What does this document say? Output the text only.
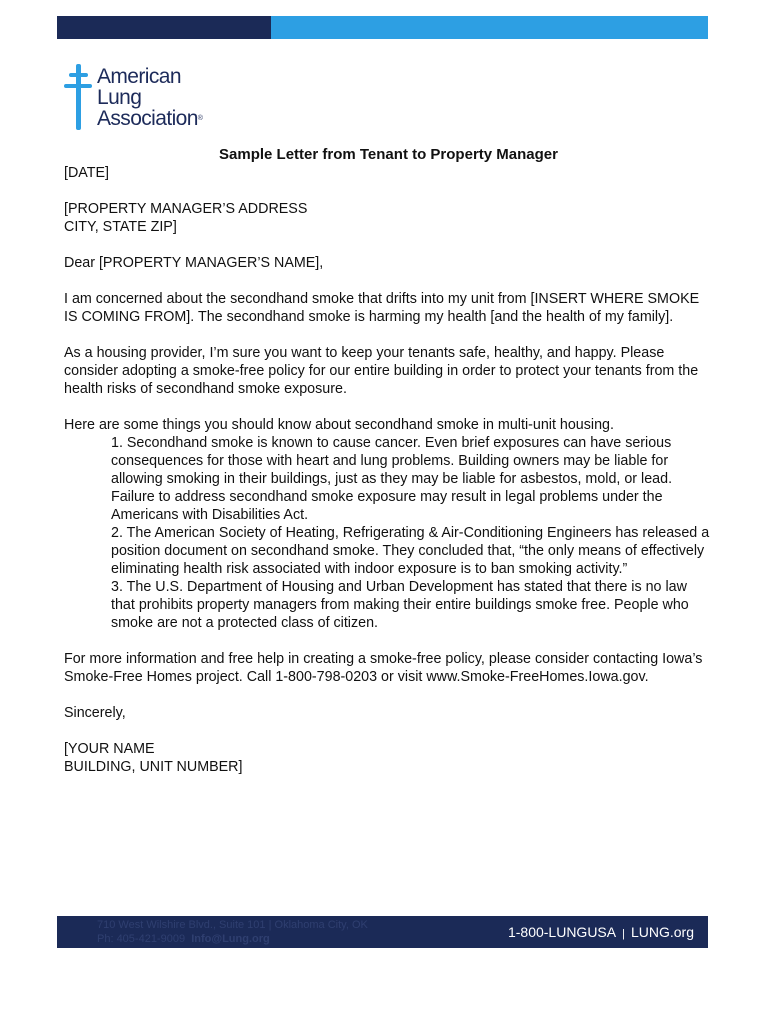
American
Lung
Association®
Sample Letter from Tenant to Property Manager

[DATE]

[PROPERTY MANAGER’S ADDRESS

CITY, STATE ZIP]

Dear [PROPERTY MANAGER’S NAME],

I am concerned about the secondhand smoke that drifts into my unit from [INSERT WHERE SMOKE IS COMING FROM]. The secondhand smoke is harming my health [and the health of my family].

As a housing provider, I’m sure you want to keep your tenants safe, healthy, and happy. Please consider adopting a smoke-free policy for our entire building in order to protect your tenants from the health risks of secondhand smoke exposure.

Here are some things you should know about secondhand smoke in multi-unit housing.

1. Secondhand smoke is known to cause cancer. Even brief exposures can have serious consequences for those with heart and lung problems. Building owners may be liable for allowing smoking in their buildings, just as they may be liable for asbestos, mold, or lead. Failure to address secondhand smoke exposure may result in legal problems under the Americans with Disabilities Act.

2. The American Society of Heating, Refrigerating & Air-Conditioning Engineers has released a position document on secondhand smoke. They concluded that, “the only means of effectively eliminating health risk associated with indoor exposure is to ban smoking activity.”

3. The U.S. Department of Housing and Urban Development has stated that there is no law that prohibits property managers from making their entire buildings smoke free. People who smoke are not a protected class of citizen.

For more information and free help in creating a smoke-free policy, please consider contacting Iowa’s Smoke-Free Homes project. Call 1-800-798-0203 or visit www.Smoke-FreeHomes.Iowa.gov.

Sincerely,

[YOUR NAME

BUILDING, UNIT NUMBER]

710 West Wilshire Blvd., Suite 101 | Oklahoma City, OK
Ph: 405-421-9009 Info@Lung.org	1-800-LUNGUSA | LUNG.org
